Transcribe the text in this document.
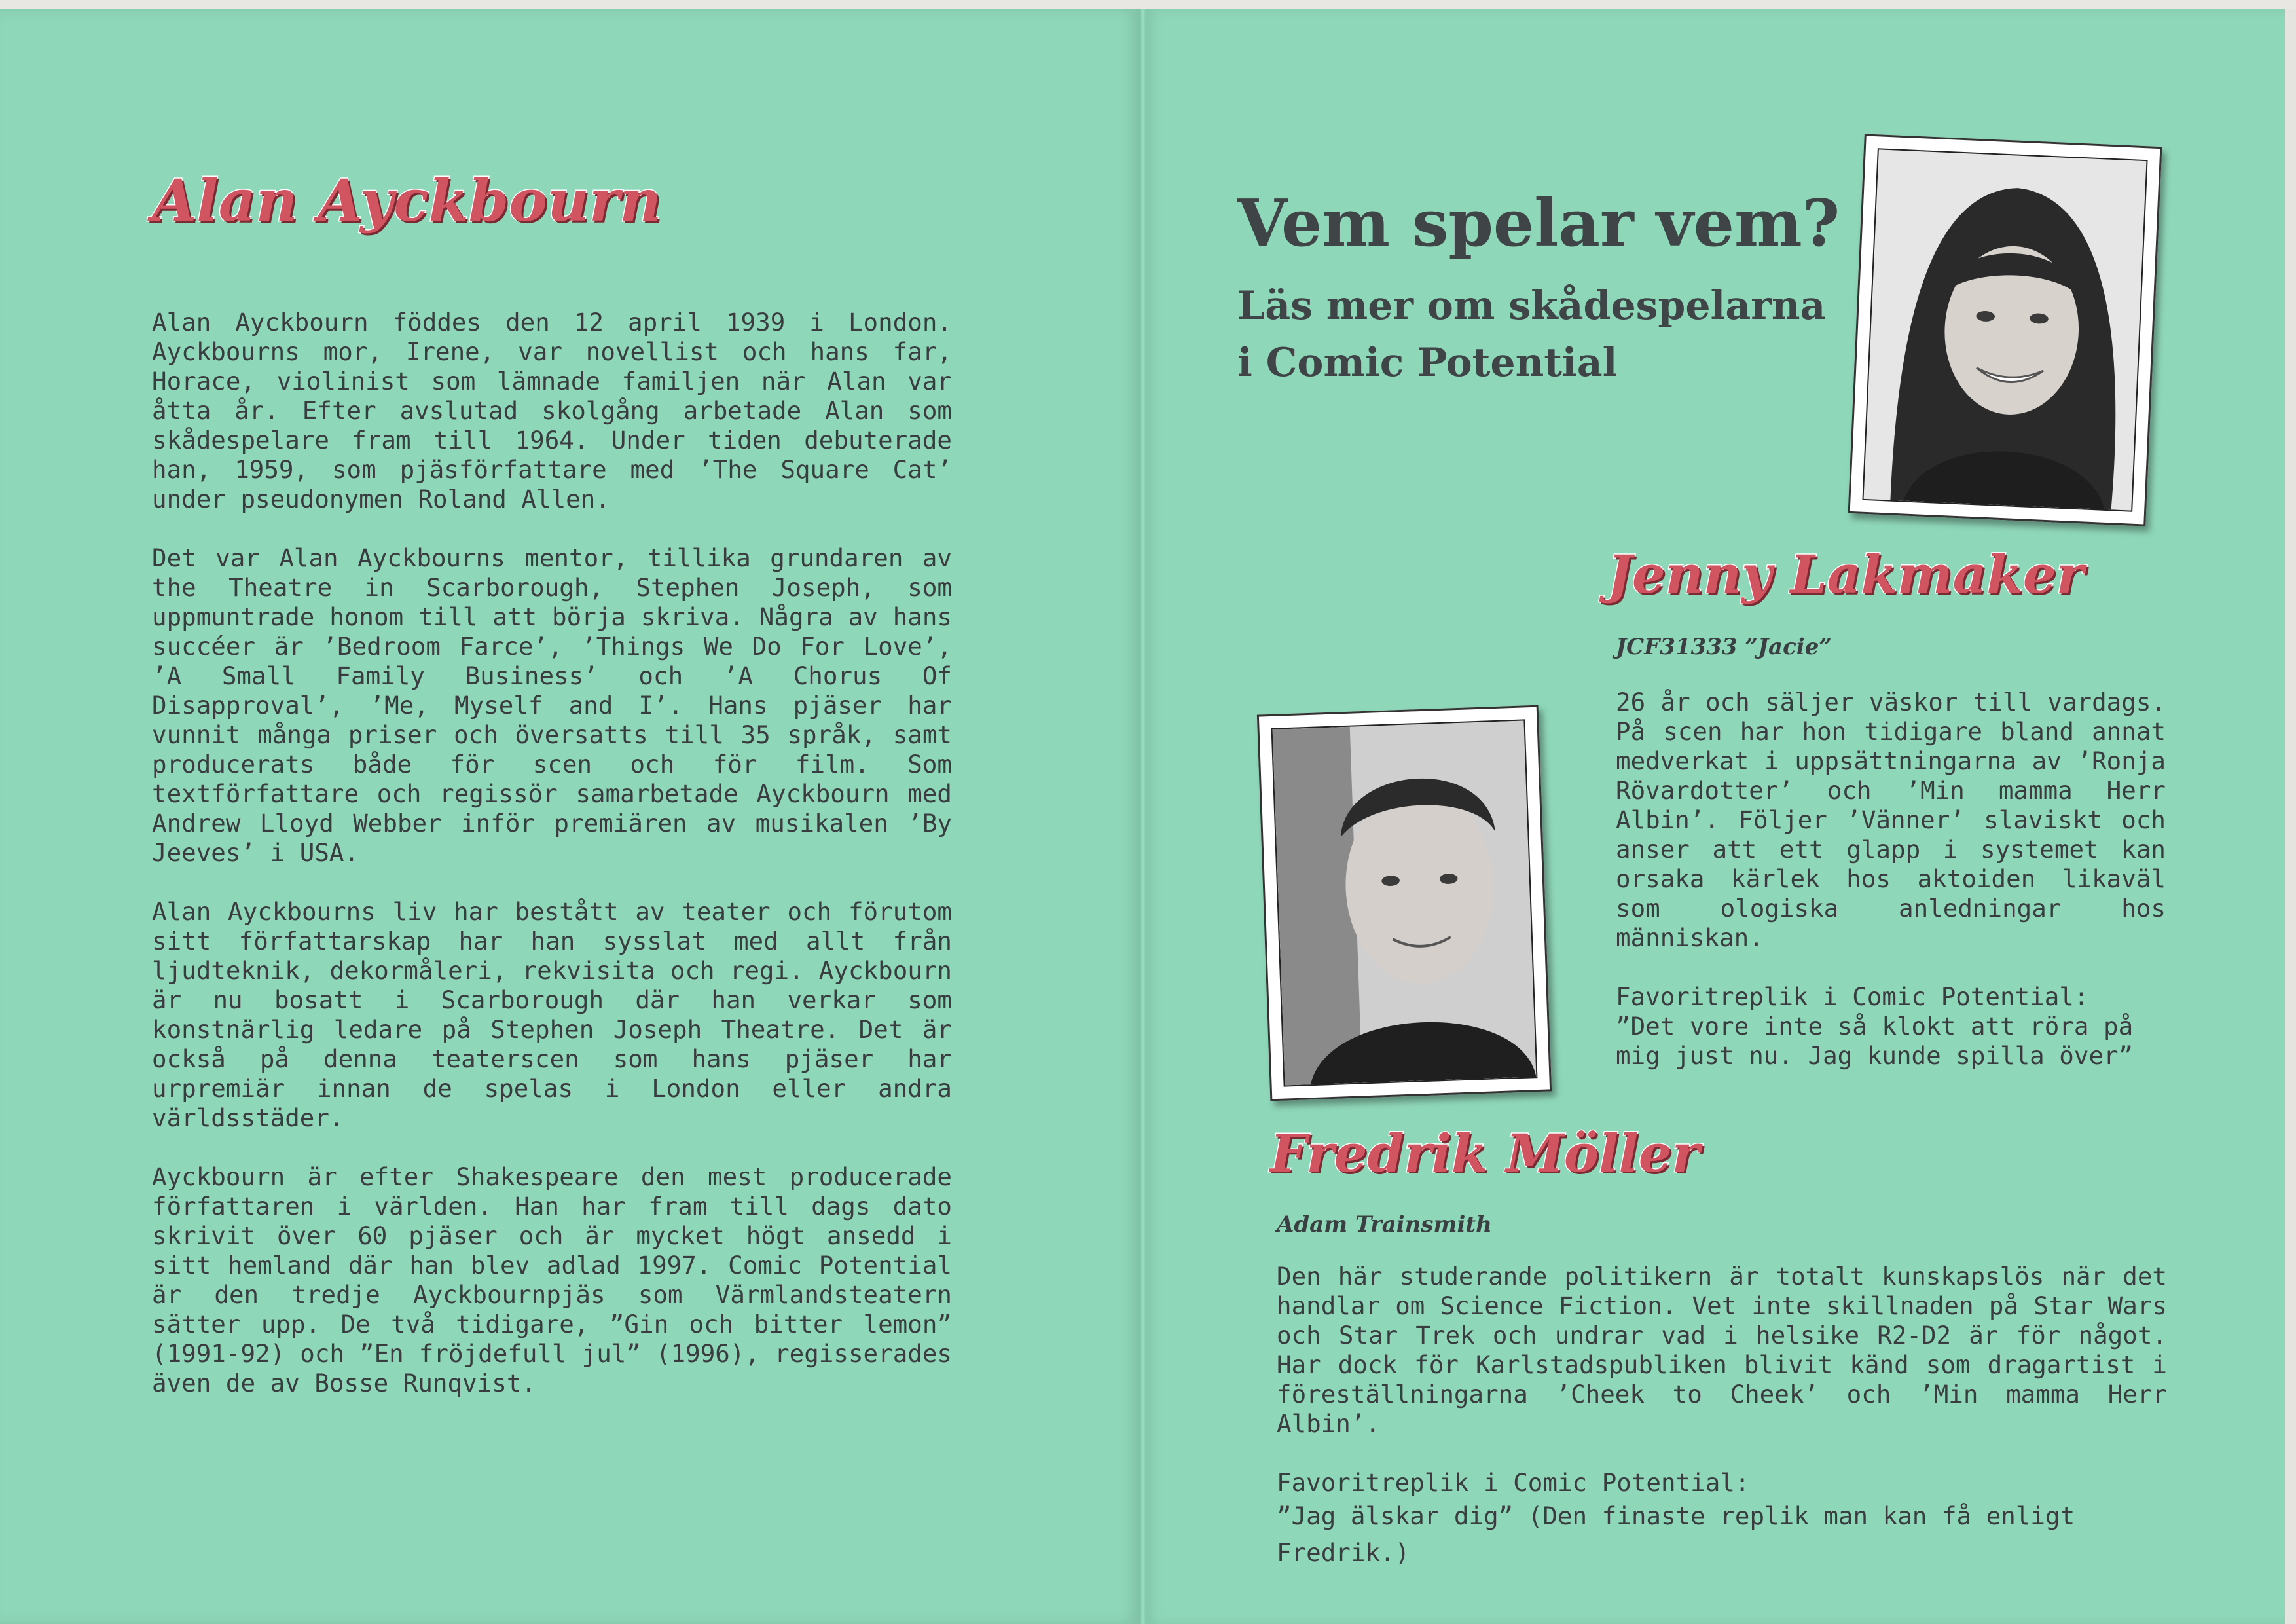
Alan Ayckbourn

Alan Ayckbourn föddes den 12 april 1939 i London. Ayckbourns mor, Irene, var novellist och hans far, Horace, violinist som lämnade familjen när Alan var åtta år. Efter avslutad skolgång arbetade Alan som skådespelare fram till 1964. Under tiden debuterade han, 1959, som pjäsförfattare med ’The Square Cat’ under pseudonymen Roland Allen.

Det var Alan Ayckbourns mentor, tillika grundaren av the Theatre in Scarborough, Stephen Joseph, som uppmuntrade honom till att börja skriva. Några av hans succéer är ’Bedroom Farce’, ’Things We Do For Love’, ’A Small Family Business’ och ’A Chorus Of Disapproval’, ’Me, Myself and I’. Hans pjäser har vunnit många priser och översatts till 35 språk, samt producerats både för scen och för film. Som textförfattare och regissör samarbetade Ayckbourn med Andrew Lloyd Webber inför premiären av musikalen ’By Jeeves’ i USA.

Alan Ayckbourns liv har bestått av teater och förutom sitt författarskap har han sysslat med allt från ljudteknik, dekormåleri, rekvisita och regi. Ayckbourn är nu bosatt i Scarborough där han verkar som konstnärlig ledare på Stephen Joseph Theatre. Det är också på denna teaterscen som hans pjäser har urpremiär innan de spelas i London eller andra världsstäder.

Ayckbourn är efter Shakespeare den mest producerade författaren i världen. Han har fram till dags dato skrivit över 60 pjäser och är mycket högt ansedd i sitt hemland där han blev adlad 1997. Comic Potential är den tredje Ayckbournpjäs som Värmlandsteatern sätter upp. De två tidigare, ”Gin och bitter lemon” (1991-92) och ”En fröjdefull jul” (1996), regisserades även de av Bosse Runqvist.

Vem spelar vem?
Läs mer om skådespelarna
i Comic Potential
Jenny Lakmaker
JCF31333 ”Jacie”

26 år och säljer väskor till vardags. På scen har hon tidigare bland annat medverkat i uppsättningarna av ’Ronja Rövardotter’ och ’Min mamma Herr Albin’. Följer ’Vänner’ slaviskt och anser att ett glapp i systemet kan orsaka kärlek hos aktoiden likaväl som ologiska anledningar hos människan.

Favoritreplik i Comic Potential:
”Det vore inte så klokt att röra på mig just nu. Jag kunde spilla över”
Fredrik Möller
Adam Trainsmith

Den här studerande politikern är totalt kunskapslös när det handlar om Science Fiction. Vet inte skillnaden på Star Wars och Star Trek och undrar vad i helsike R2-D2 är för något. Har dock för Karlstadspubliken blivit känd som dragartist i föreställningarna ’Cheek to Cheek’ och ’Min mamma Herr Albin’.

Favoritreplik i Comic Potential:
”Jag älskar dig” (Den finaste replik man kan få enligt Fredrik.)
